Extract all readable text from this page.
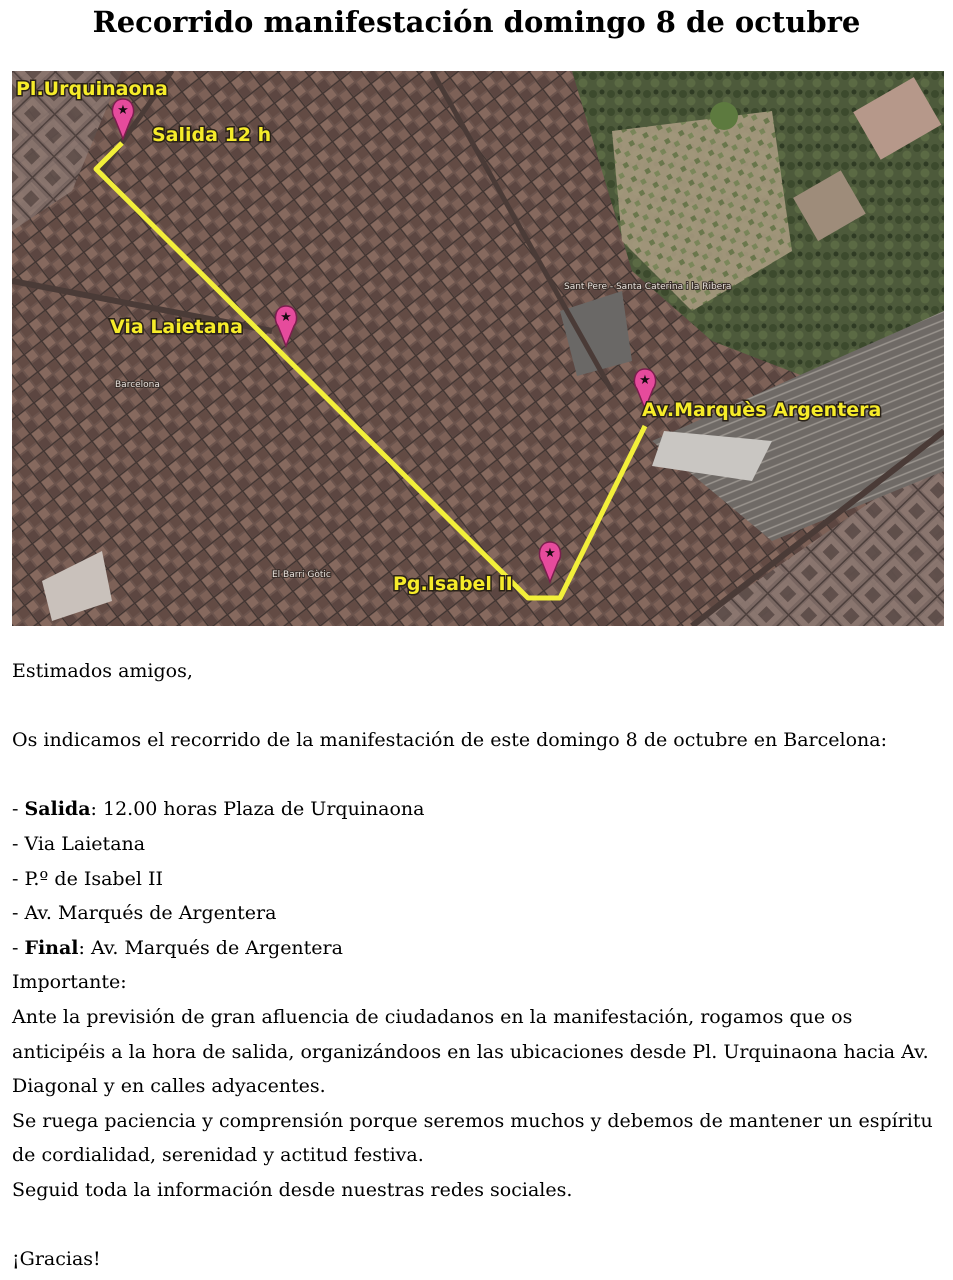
Recorrido manifestación domingo 8 de octubre
Sant Pere - Santa Caterina i la Ribera
Barcelona
El Barri Gòtic
★
★
★
★
Pl.Urquinaona
Salida 12 h
Via Laietana
Av.Marquès Argentera
Pg.Isabel II

Estimados amigos,

Os indicamos el recorrido de la manifestación de este domingo 8 de octubre en Barcelona:

- Salida: 12.00 horas Plaza de Urquinaona

- Via Laietana

- P.º de Isabel II

- Av. Marqués de Argentera

- Final: Av. Marqués de Argentera

Importante:

Ante la previsión de gran afluencia de ciudadanos en la manifestación, rogamos que os anticipéis a la hora de salida, organizándoos en las ubicaciones desde Pl. Urquinaona hacia Av. Diagonal y en calles adyacentes.

Se ruega paciencia y comprensión porque seremos muchos y debemos de mantener un espíritu de cordialidad, serenidad y actitud festiva.

Seguid toda la información desde nuestras redes sociales.

¡Gracias!
